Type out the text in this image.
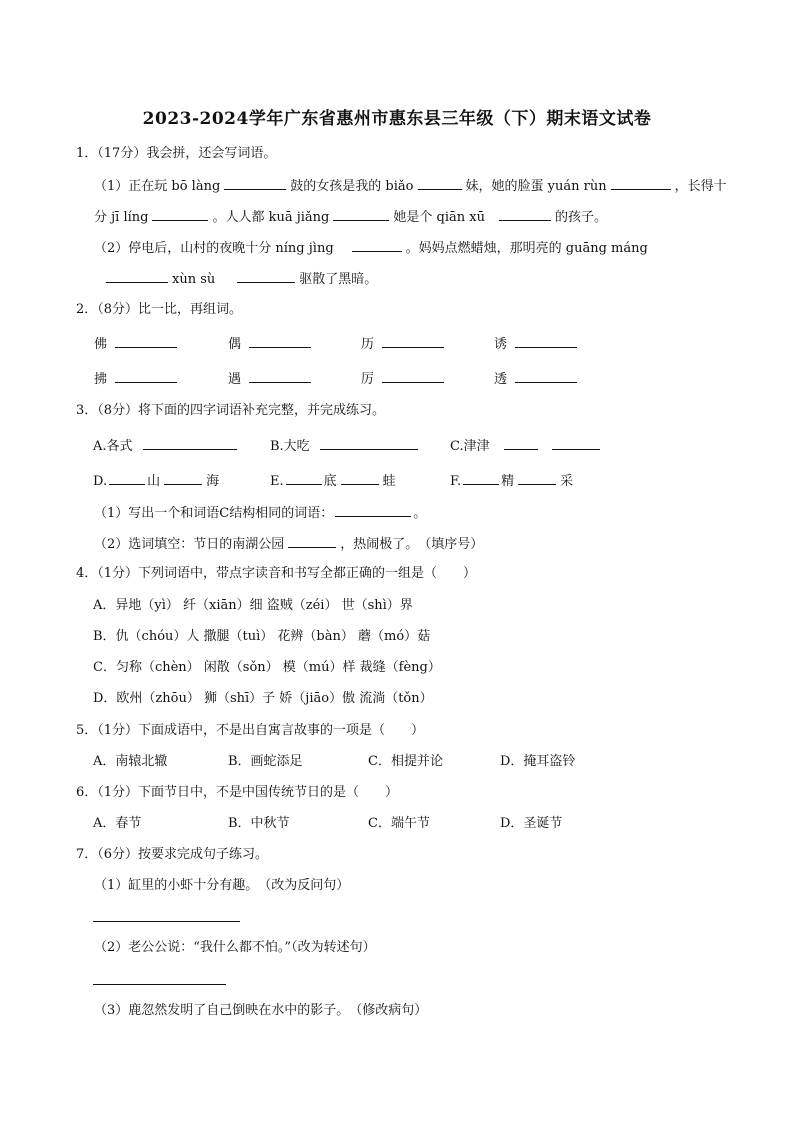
2023-2024学年广东省惠州市惠东县三年级（下）期末语文试卷
1．（17分）我会拼，还会写词语。
（1）正在玩 bō làng	鼓的女孩是我的 biǎo	妹，她的脸蛋 yuán rùn	，长得十
分 jī líng	。人人都 kuā jiǎng	她是个 qiān xū	的孩子。
（2）停电后，山村的夜晚十分 níng jìng	。妈妈点燃蜡烛，那明亮的 guāng máng
xùn sù	驱散了黑暗。
2．（8分）比一比，再组词。
佛	偶	历	诱
拂	遇	厉	透
3．（8分）将下面的四字词语补充完整，并完成练习。
A.各式	B.大吃	C.津津
D.	山	海	E.	底	蛙	F.	精	采
（1）写出一个和词语C结构相同的词语：	。
（2）选词填空：节日的南湖公园	，热闹极了。　（填序号）
4．（1分）下列词语中，带点字读音和书写全都正确的一组是（　　）
A．异地（yì） 纤（xiān）细 盗贼（zéi） 世（shì）界
B．仇（chóu）人 撒腿（tuì） 花辨（bàn） 蘑（mó）菇
C．匀称（chèn） 闲散（sǒn） 模（mú）样 裁缝（fèng）
D．欧州（zhōu） 狮（shī）子 娇（jiāo）傲 流淌（tǒn）
5．（1分）下面成语中，不是出自寓言故事的一项是（　　）
A．南辕北辙	B．画蛇添足	C．相提并论	D．掩耳盗铃
6．（1分）下面节日中，不是中国传统节日的是（　　）
A．春节	B．中秋节	C．端午节	D．圣诞节
7．（6分）按要求完成句子练习。
（1）缸里的小虾十分有趣。　（改为反问句）
（2）老公公说：“我什么都不怕。”（改为转述句）
（3）鹿忽然发明了自己倒映在水中的影子。　（修改病句）
